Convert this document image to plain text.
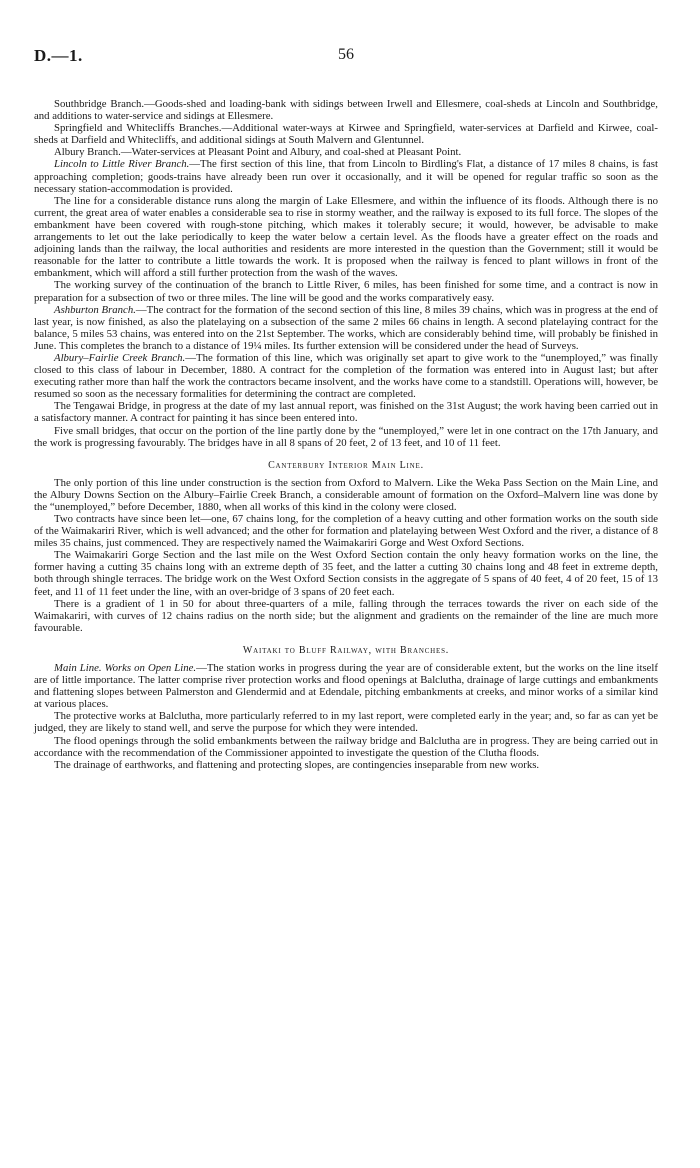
D.—1.	56

Southbridge Branch.—Goods-shed and loading-bank with sidings between Irwell and Ellesmere, coal-sheds at Lincoln and Southbridge, and additions to water-service and sidings at Ellesmere.

Springfield and Whitecliffs Branches.—Additional water-ways at Kirwee and Springfield, water-services at Darfield and Kirwee, coal-sheds at Darfield and Whitecliffs, and additional sidings at South Malvern and Glentunnel.

Albury Branch.—Water-services at Pleasant Point and Albury, and coal-shed at Pleasant Point.

Lincoln to Little River Branch.—The first section of this line, that from Lincoln to Birdling's Flat, a distance of 17 miles 8 chains, is fast approaching completion; goods-trains have already been run over it occasionally, and it will be opened for regular traffic so soon as the necessary station-accommodation is provided.

The line for a considerable distance runs along the margin of Lake Ellesmere, and within the influence of its floods. Although there is no current, the great area of water enables a considerable sea to rise in stormy weather, and the railway is exposed to its full force. The slopes of the embankment have been covered with rough-stone pitching, which makes it tolerably secure; it would, however, be advisable to make arrangements to let out the lake periodically to keep the water below a certain level. As the floods have a greater effect on the roads and adjoining lands than the railway, the local authorities and residents are more interested in the question than the Government; still it would be reasonable for the latter to contribute a little towards the work. It is proposed when the railway is fenced to plant willows in front of the embankment, which will afford a still further protection from the wash of the waves.

The working survey of the continuation of the branch to Little River, 6 miles, has been finished for some time, and a contract is now in preparation for a subsection of two or three miles. The line will be good and the works comparatively easy.

Ashburton Branch.—The contract for the formation of the second section of this line, 8 miles 39 chains, which was in progress at the end of last year, is now finished, as also the platelaying on a subsection of the same 2 miles 66 chains in length. A second platelaying contract for the balance, 5 miles 53 chains, was entered into on the 21st September. The works, which are considerably behind time, will probably be finished in June. This completes the branch to a distance of 19¼ miles. Its further extension will be considered under the head of Surveys.

Albury–Fairlie Creek Branch.—The formation of this line, which was originally set apart to give work to the “unemployed,” was finally closed to this class of labour in December, 1880. A contract for the completion of the formation was entered into in August last; but after executing rather more than half the work the contractors became insolvent, and the works have come to a standstill. Operations will, however, be resumed so soon as the necessary formalities for determining the contract are completed.

The Tengawai Bridge, in progress at the date of my last annual report, was finished on the 31st August; the work having been carried out in a satisfactory manner. A contract for painting it has since been entered into.

Five small bridges, that occur on the portion of the line partly done by the “unemployed,” were let in one contract on the 17th January, and the work is progressing favourably. The bridges have in all 8 spans of 20 feet, 2 of 13 feet, and 10 of 11 feet.

Canterbury Interior Main Line.

The only portion of this line under construction is the section from Oxford to Malvern. Like the Weka Pass Section on the Main Line, and the Albury Downs Section on the Albury–Fairlie Creek Branch, a considerable amount of formation on the Oxford–Malvern line was done by the “unemployed,” before December, 1880, when all works of this kind in the colony were closed.

Two contracts have since been let—one, 67 chains long, for the completion of a heavy cutting and other formation works on the south side of the Waimakariri River, which is well advanced; and the other for formation and platelaying between West Oxford and the river, a distance of 8 miles 35 chains, just commenced. They are respectively named the Waimakariri Gorge and West Oxford Sections.

The Waimakariri Gorge Section and the last mile on the West Oxford Section contain the only heavy formation works on the line, the former having a cutting 35 chains long with an extreme depth of 35 feet, and the latter a cutting 30 chains long and 48 feet in extreme depth, both through shingle terraces. The bridge work on the West Oxford Section consists in the aggregate of 5 spans of 40 feet, 4 of 20 feet, 15 of 13 feet, and 11 of 11 feet under the line, with an over-bridge of 3 spans of 20 feet each.

There is a gradient of 1 in 50 for about three-quarters of a mile, falling through the terraces towards the river on each side of the Waimakariri, with curves of 12 chains radius on the north side; but the alignment and gradients on the remainder of the line are much more favourable.

Waitaki to Bluff Railway, with Branches.

Main Line. Works on Open Line.—The station works in progress during the year are of considerable extent, but the works on the line itself are of little importance. The latter comprise river protection works and flood openings at Balclutha, drainage of large cuttings and embankments and flattening slopes between Palmerston and Glendermid and at Edendale, pitching embankments at creeks, and minor works of a similar kind at various places.

The protective works at Balclutha, more particularly referred to in my last report, were completed early in the year; and, so far as can yet be judged, they are likely to stand well, and serve the purpose for which they were intended.

The flood openings through the solid embankments between the railway bridge and Balclutha are in progress. They are being carried out in accordance with the recommendation of the Commissioner appointed to investigate the question of the Clutha floods.

The drainage of earthworks, and flattening and protecting slopes, are contingencies inseparable from new works.
